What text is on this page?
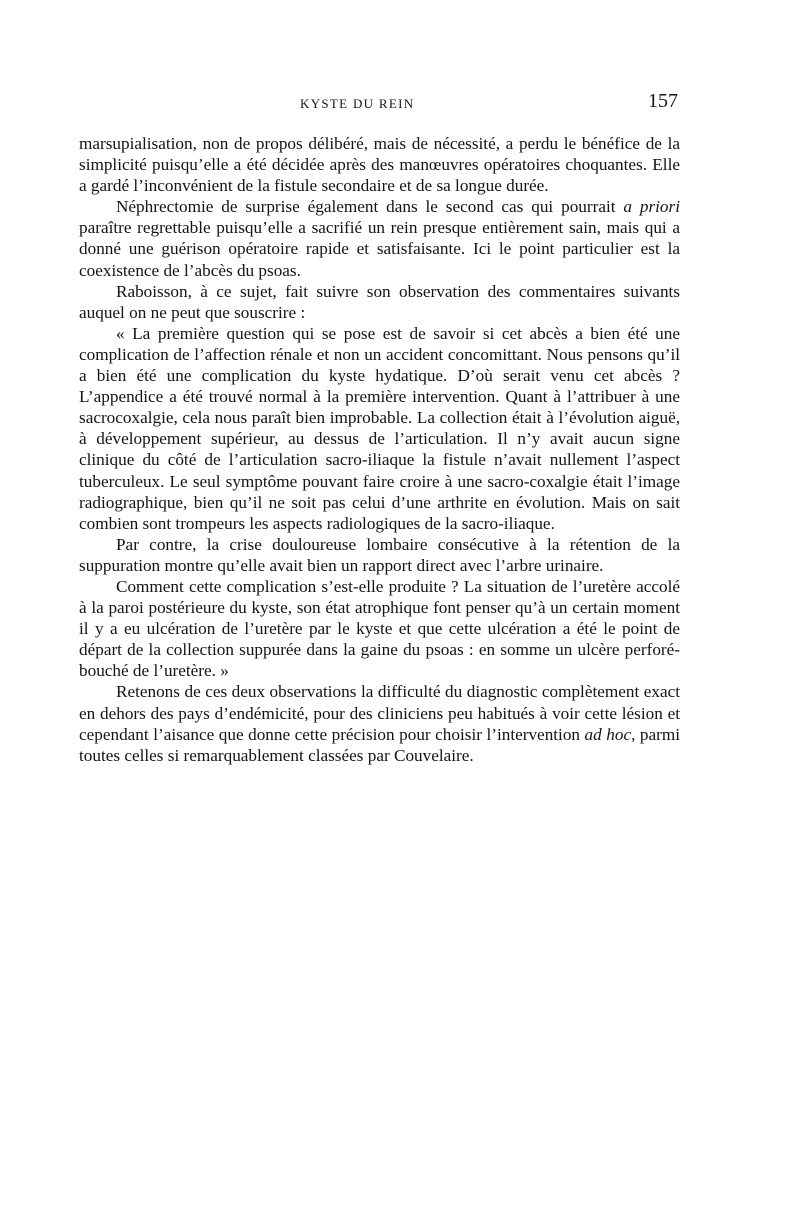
KYSTE DU REIN	157

marsupialisation, non de propos délibéré, mais de nécessité, a perdu le bénéfice de la simplicité puisqu’elle a été décidée après des manœuvres opératoires choquantes. Elle a gardé l’inconvénient de la fistule secondaire et de sa longue durée.

Néphrectomie de surprise également dans le second cas qui pourrait a priori paraître regrettable puisqu’elle a sacrifié un rein presque entièrement sain, mais qui a donné une guérison opératoire rapide et satisfaisante. Ici le point particulier est la coexistence de l’abcès du psoas.

Raboisson, à ce sujet, fait suivre son observation des commentaires suivants auquel on ne peut que souscrire :

« La première question qui se pose est de savoir si cet abcès a bien été une complication de l’affection rénale et non un accident concomittant. Nous pensons qu’il a bien été une complication du kyste hydatique. D’où serait venu cet abcès ? L’appendice a été trouvé normal à la première intervention. Quant à l’attribuer à une sacrocoxalgie, cela nous paraît bien improbable. La collection était à l’évolution aiguë, à développement supérieur, au dessus de l’articulation. Il n’y avait aucun signe clinique du côté de l’articulation sacro-iliaque la fistule n’avait nullement l’aspect tuberculeux. Le seul symptôme pouvant faire croire à une sacro-coxalgie était l’image radiographique, bien qu’il ne soit pas celui d’une arthrite en évolution. Mais on sait combien sont trompeurs les aspects radiologiques de la sacro-iliaque.

Par contre, la crise douloureuse lombaire consécutive à la rétention de la suppuration montre qu’elle avait bien un rapport direct avec l’arbre urinaire.

Comment cette complication s’est-elle produite ? La situation de l’uretère accolé à la paroi postérieure du kyste, son état atrophique font penser qu’à un certain moment il y a eu ulcération de l’uretère par le kyste et que cette ulcération a été le point de départ de la collection suppurée dans la gaine du psoas : en somme un ulcère perforé-bouché de l’uretère. »

Retenons de ces deux observations la difficulté du diagnostic complètement exact en dehors des pays d’endémicité, pour des cliniciens peu habitués à voir cette lésion et cependant l’aisance que donne cette précision pour choisir l’intervention ad hoc, parmi toutes celles si remarquablement classées par Couvelaire.
